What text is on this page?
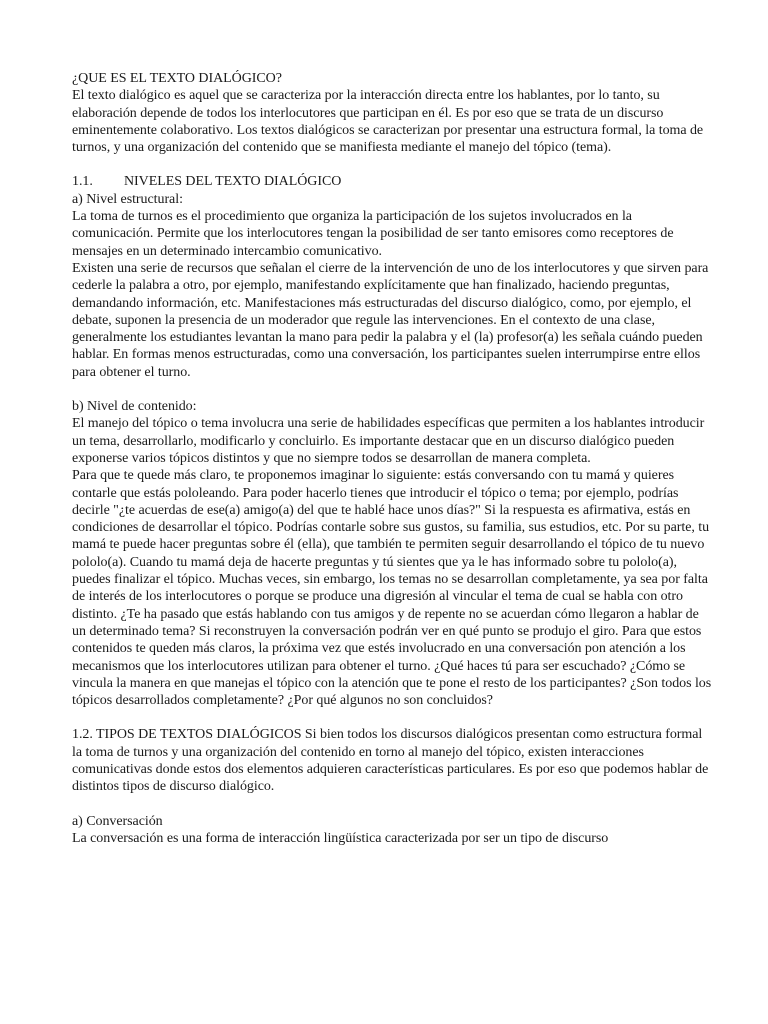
¿QUE ES EL TEXTO DIALÓGICO?

El texto dialógico es aquel que se caracteriza por la interacción directa entre los hablantes, por lo tanto, su elaboración depende de todos los interlocutores que participan en él. Es por eso que se trata de un discurso eminentemente colaborativo. Los textos dialógicos se caracterizan por presentar una estructura formal, la toma de turnos, y una organización del contenido que se manifiesta mediante el manejo del tópico (tema).

1.1. NIVELES DEL TEXTO DIALÓGICO

a) Nivel estructural:

La toma de turnos es el procedimiento que organiza la participación de los sujetos involucrados en la comunicación. Permite que los interlocutores tengan la posibilidad de ser tanto emisores como receptores de mensajes en un determinado intercambio comunicativo.

Existen una serie de recursos que señalan el cierre de la intervención de uno de los interlocutores y que sirven para cederle la palabra a otro, por ejemplo, manifestando explícitamente que han finalizado, haciendo preguntas, demandando información, etc. Manifestaciones más estructuradas del discurso dialógico, como, por ejemplo, el debate, suponen la presencia de un moderador que regule las intervenciones. En el contexto de una clase, generalmente los estudiantes levantan la mano para pedir la palabra y el (la) profesor(a) les señala cuándo pueden hablar. En formas menos estructuradas, como una conversación, los participantes suelen interrumpirse entre ellos para obtener el turno.

b) Nivel de contenido:

El manejo del tópico o tema involucra una serie de habilidades específicas que permiten a los hablantes introducir un tema, desarrollarlo, modificarlo y concluirlo. Es importante destacar que en un discurso dialógico pueden exponerse varios tópicos distintos y que no siempre todos se desarrollan de manera completa.

Para que te quede más claro, te proponemos imaginar lo siguiente: estás conversando con tu mamá y quieres contarle que estás pololeando. Para poder hacerlo tienes que introducir el tópico o tema; por ejemplo, podrías decirle "¿te acuerdas de ese(a) amigo(a) del que te hablé hace unos días?" Si la respuesta es afirmativa, estás en condiciones de desarrollar el tópico. Podrías contarle sobre sus gustos, su familia, sus estudios, etc. Por su parte, tu mamá te puede hacer preguntas sobre él (ella), que también te permiten seguir desarrollando el tópico de tu nuevo pololo(a). Cuando tu mamá deja de hacerte preguntas y tú sientes que ya le has informado sobre tu pololo(a), puedes finalizar el tópico. Muchas veces, sin embargo, los temas no se desarrollan completamente, ya sea por falta de interés de los interlocutores o porque se produce una digresión al vincular el tema de cual se habla con otro distinto. ¿Te ha pasado que estás hablando con tus amigos y de repente no se acuerdan cómo llegaron a hablar de un determinado tema? Si reconstruyen la conversación podrán ver en qué punto se produjo el giro. Para que estos contenidos te queden más claros, la próxima vez que estés involucrado en una conversación pon atención a los mecanismos que los interlocutores utilizan para obtener el turno. ¿Qué haces tú para ser escuchado? ¿Cómo se vincula la manera en que manejas el tópico con la atención que te pone el resto de los participantes? ¿Son todos los tópicos desarrollados completamente? ¿Por qué algunos no son concluidos?

1.2. TIPOS DE TEXTOS DIALÓGICOS Si bien todos los discursos dialógicos presentan como estructura formal la toma de turnos y una organización del contenido en torno al manejo del tópico, existen interacciones comunicativas donde estos dos elementos adquieren características particulares. Es por eso que podemos hablar de distintos tipos de discurso dialógico.

a) Conversación

La conversación es una forma de interacción lingüística caracterizada por ser un tipo de discurso
